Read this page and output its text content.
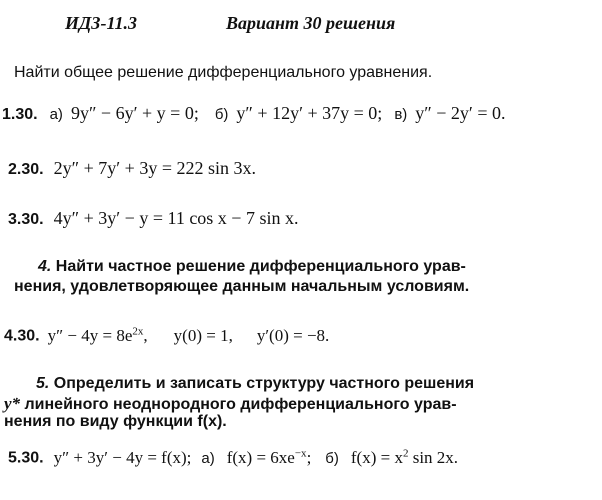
ИДЗ-11.3	Вариант 30 решения
Найти общее решение дифференциального уравнения.
1.30. а) 9y″ − 6y′ + y = 0; б) y″ + 12y′ + 37y = 0; в) y″ − 2y′ = 0.
2.30. 2y″ + 7y′ + 3y = 222 sin 3x.
3.30. 4y″ + 3y′ − y = 11 cos x − 7 sin x.
4. Найти частное решение дифференциального урав-
нения, удовлетворяющее данным начальным условиям.
4.30. $y'' - 4y = 8e^{2x}$, y(0) = 1, y′(0) = −8.
5. Определить и записать структуру частного решения
y* линейного неоднородного дифференциального урав-
нения по виду функции f(x).
5.30. y″ + 3y′ − 4y = f(x); а) $f(x) = 6xe^{-x}$; б) $f(x) = x^2$ sin 2x.
